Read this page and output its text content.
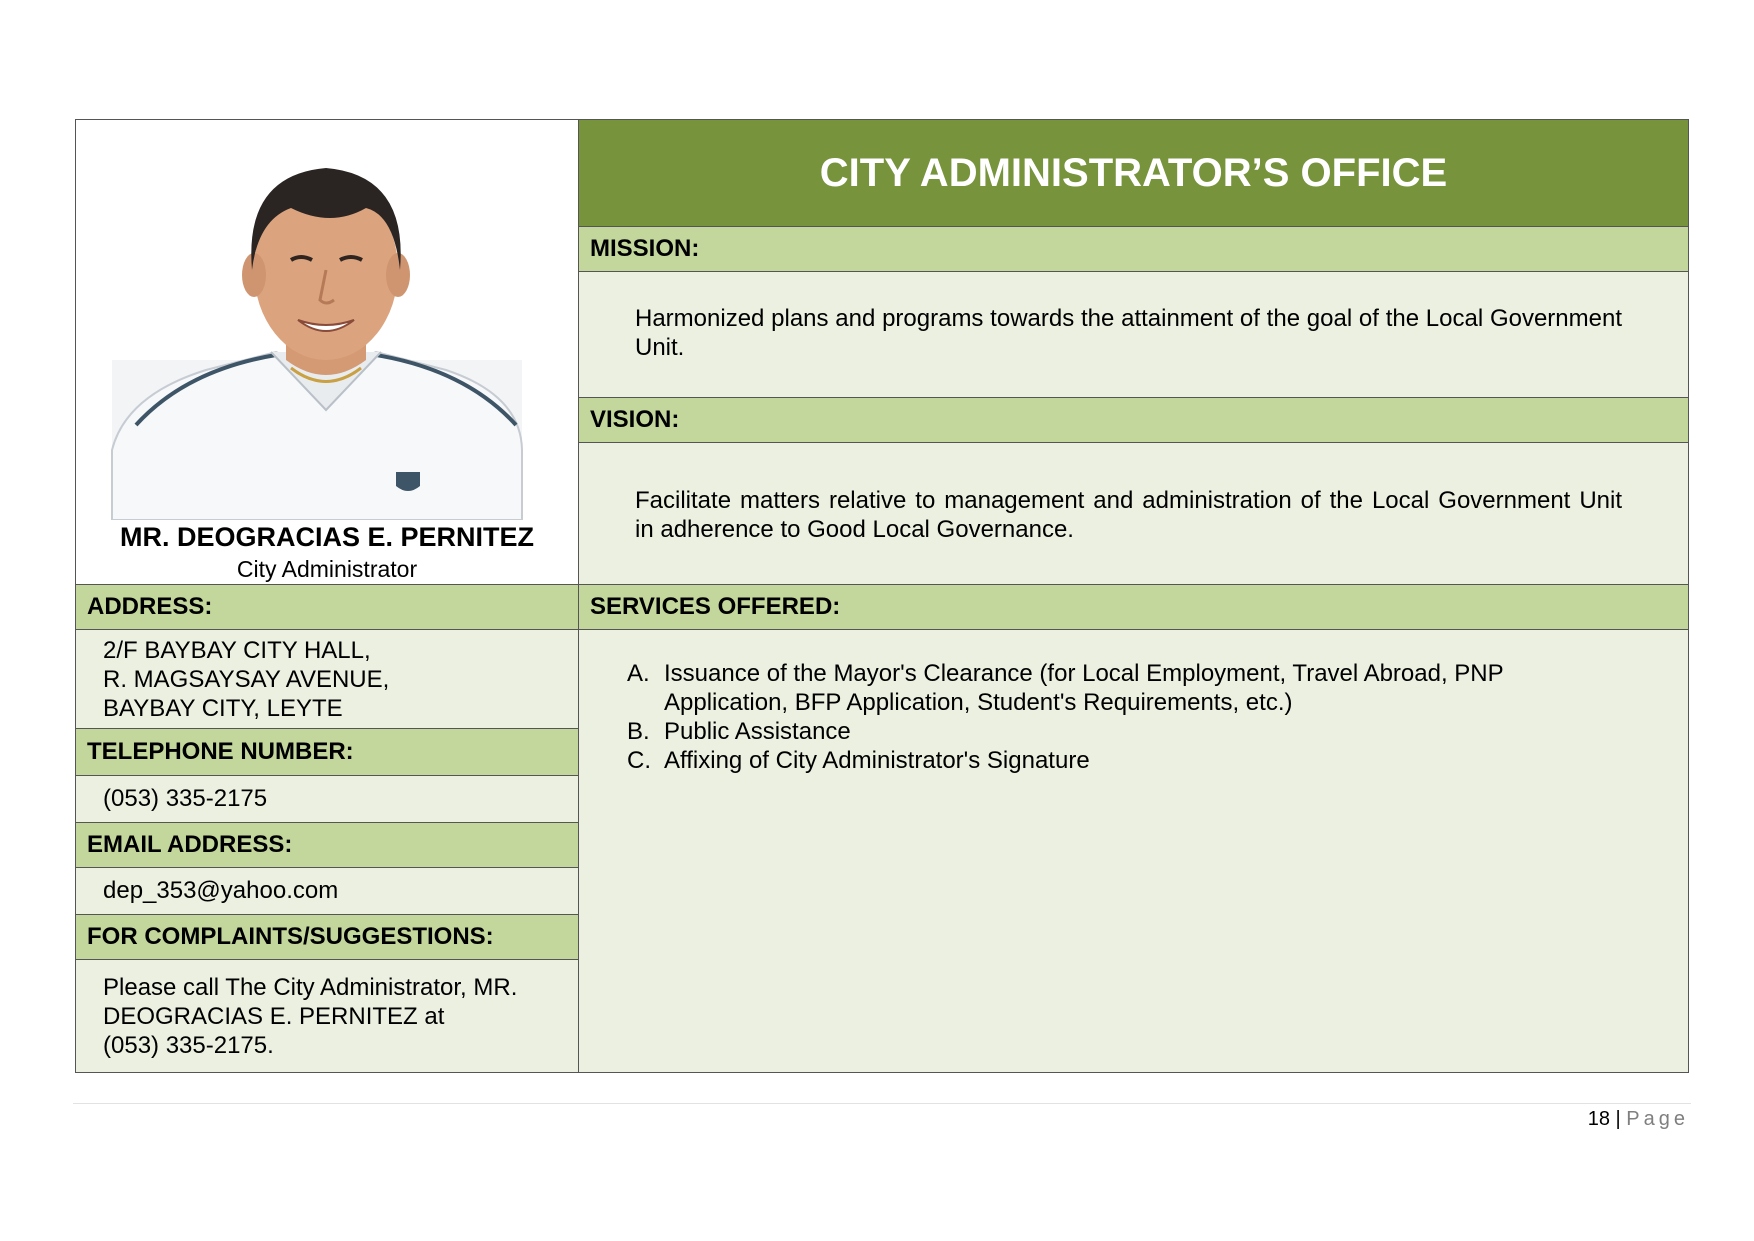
MR. DEOGRACIAS E. PERNITEZ
City Administrator
ADDRESS:
2/F BAYBAY CITY HALL,
R. MAGSAYSAY AVENUE,
BAYBAY CITY, LEYTE
TELEPHONE NUMBER:
(053) 335-2175
EMAIL ADDRESS:
dep_353@yahoo.com
FOR COMPLAINTS/SUGGESTIONS:
Please call The City Administrator, MR.
DEOGRACIAS E. PERNITEZ at
(053) 335-2175.
CITY ADMINISTRATOR’S OFFICE
MISSION:
Harmonized plans and programs towards the attainment of the goal of the Local Government Unit.
VISION:
Facilitate matters relative to management and administration of the Local Government Unit in adherence to Good Local Governance.
SERVICES OFFERED:
A. Issuance of the Mayor's Clearance (for Local Employment, Travel Abroad, PNP Application, BFP Application, Student's Requirements, etc.)
B. Public Assistance
C. Affixing of City Administrator's Signature
18 | Page
